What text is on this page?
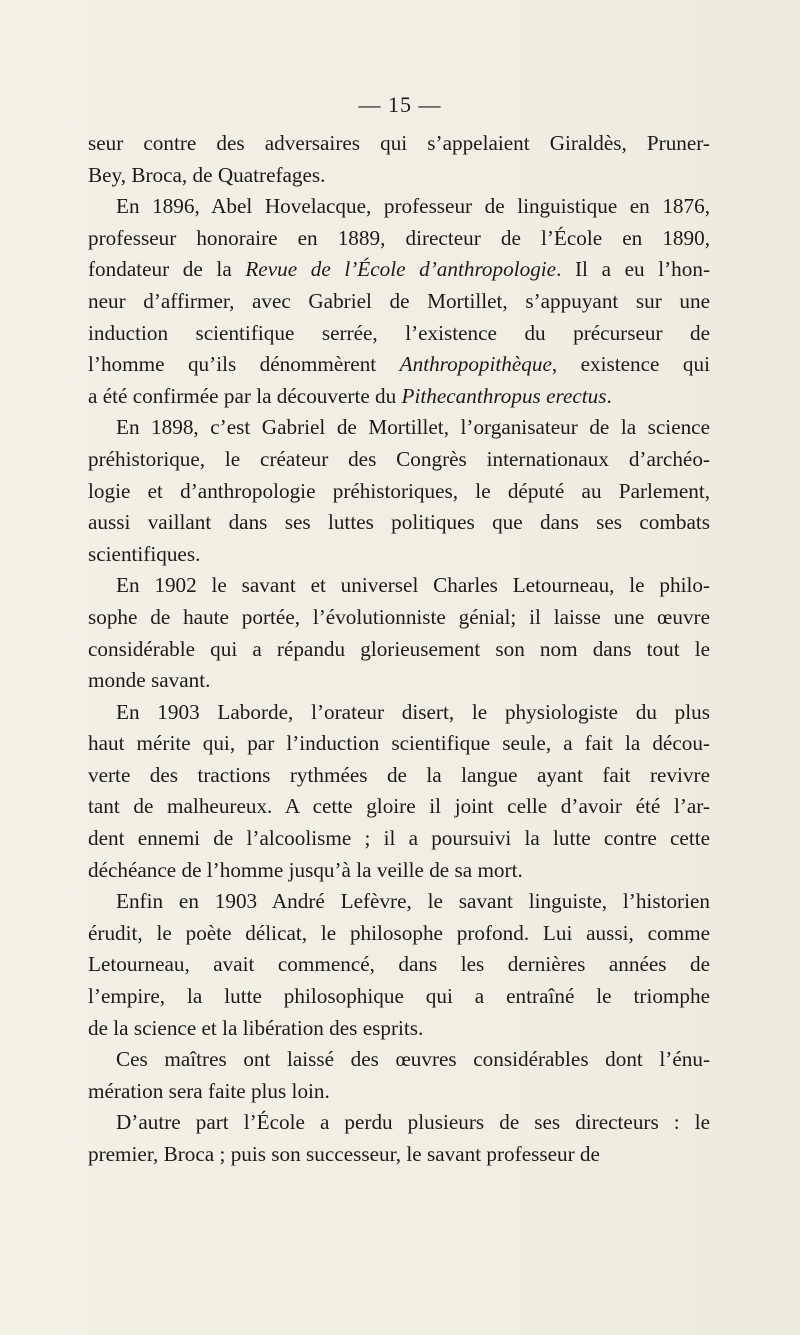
— 15 —
seur contre des adversaires qui s’appelaient Giraldès, Pruner-
Bey, Broca, de Quatrefages.
En 1896, Abel Hovelacque, professeur de linguistique en 1876,
professeur honoraire en 1889, directeur de l’École en 1890,
fondateur de la Revue de l’École d’anthropologie. Il a eu l’hon-
neur d’affirmer, avec Gabriel de Mortillet, s’appuyant sur une
induction scientifique serrée, l’existence du précurseur de
l’homme qu’ils dénommèrent Anthropopithèque, existence qui
a été confirmée par la découverte du Pithecanthropus erectus.
En 1898, c’est Gabriel de Mortillet, l’organisateur de la science
préhistorique, le créateur des Congrès internationaux d’archéo-
logie et d’anthropologie préhistoriques, le député au Parlement,
aussi vaillant dans ses luttes politiques que dans ses combats
scientifiques.
En 1902 le savant et universel Charles Letourneau, le philo-
sophe de haute portée, l’évolutionniste génial; il laisse une œuvre
considérable qui a répandu glorieusement son nom dans tout le
monde savant.
En 1903 Laborde, l’orateur disert, le physiologiste du plus
haut mérite qui, par l’induction scientifique seule, a fait la décou-
verte des tractions rythmées de la langue ayant fait revivre
tant de malheureux. A cette gloire il joint celle d’avoir été l’ar-
dent ennemi de l’alcoolisme ; il a poursuivi la lutte contre cette
déchéance de l’homme jusqu’à la veille de sa mort.
Enfin en 1903 André Lefèvre, le savant linguiste, l’historien
érudit, le poète délicat, le philosophe profond. Lui aussi, comme
Letourneau, avait commencé, dans les dernières années de
l’empire, la lutte philosophique qui a entraîné le triomphe
de la science et la libération des esprits.
Ces maîtres ont laissé des œuvres considérables dont l’énu-
mération sera faite plus loin.
D’autre part l’École a perdu plusieurs de ses directeurs : le
premier, Broca ; puis son successeur, le savant professeur de
